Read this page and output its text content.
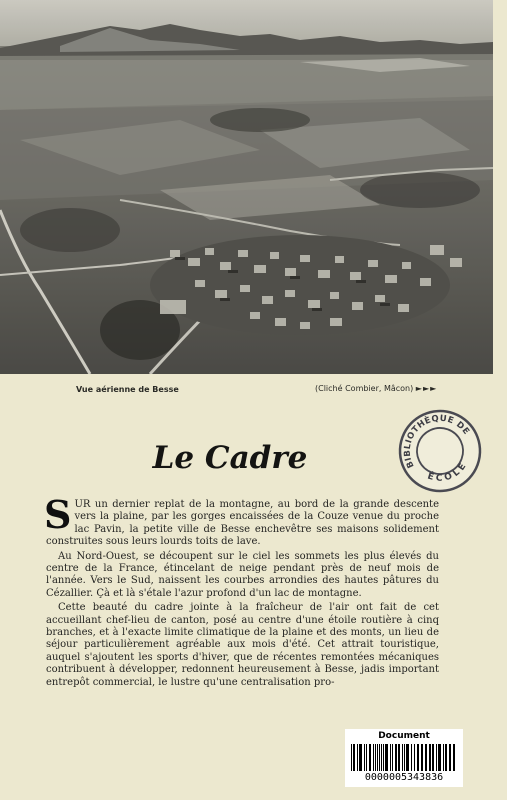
Vue aérienne de Besse	(Cliché Combier, Mâcon) ►►►
Le Cadre	BIBLIOTHÈQUE DES
ÉCOLE

SUR un dernier replat de la montagne, au bord de la grande descente vers la plaine, par les gorges encaissées de la Couze venue du proche lac Pavin, la petite ville de Besse enchevêtre ses maisons solidement construites sous leurs lourds toits de lave.

Au Nord-Ouest, se découpent sur le ciel les sommets les plus élevés du centre de la France, étincelant de neige pendant près de neuf mois de l'année. Vers le Sud, naissent les courbes arrondies des hautes pâtures du Cézallier. Çà et là s'étale l'azur profond d'un lac de montagne.

Cette beauté du cadre jointe à la fraîcheur de l'air ont fait de cet accueillant chef-lieu de canton, posé au centre d'une étoile routière à cinq branches, et à l'exacte limite climatique de la plaine et des monts, un lieu de séjour particulièrement agréable aux mois d'été. Cet attrait touristique, auquel s'ajoutent les sports d'hiver, que de récentes remontées mécaniques contribuent à développer, redonnent heureusement à Besse, jadis important entrepôt commercial, le lustre qu'une centralisation pro-

Document
0000005343836
